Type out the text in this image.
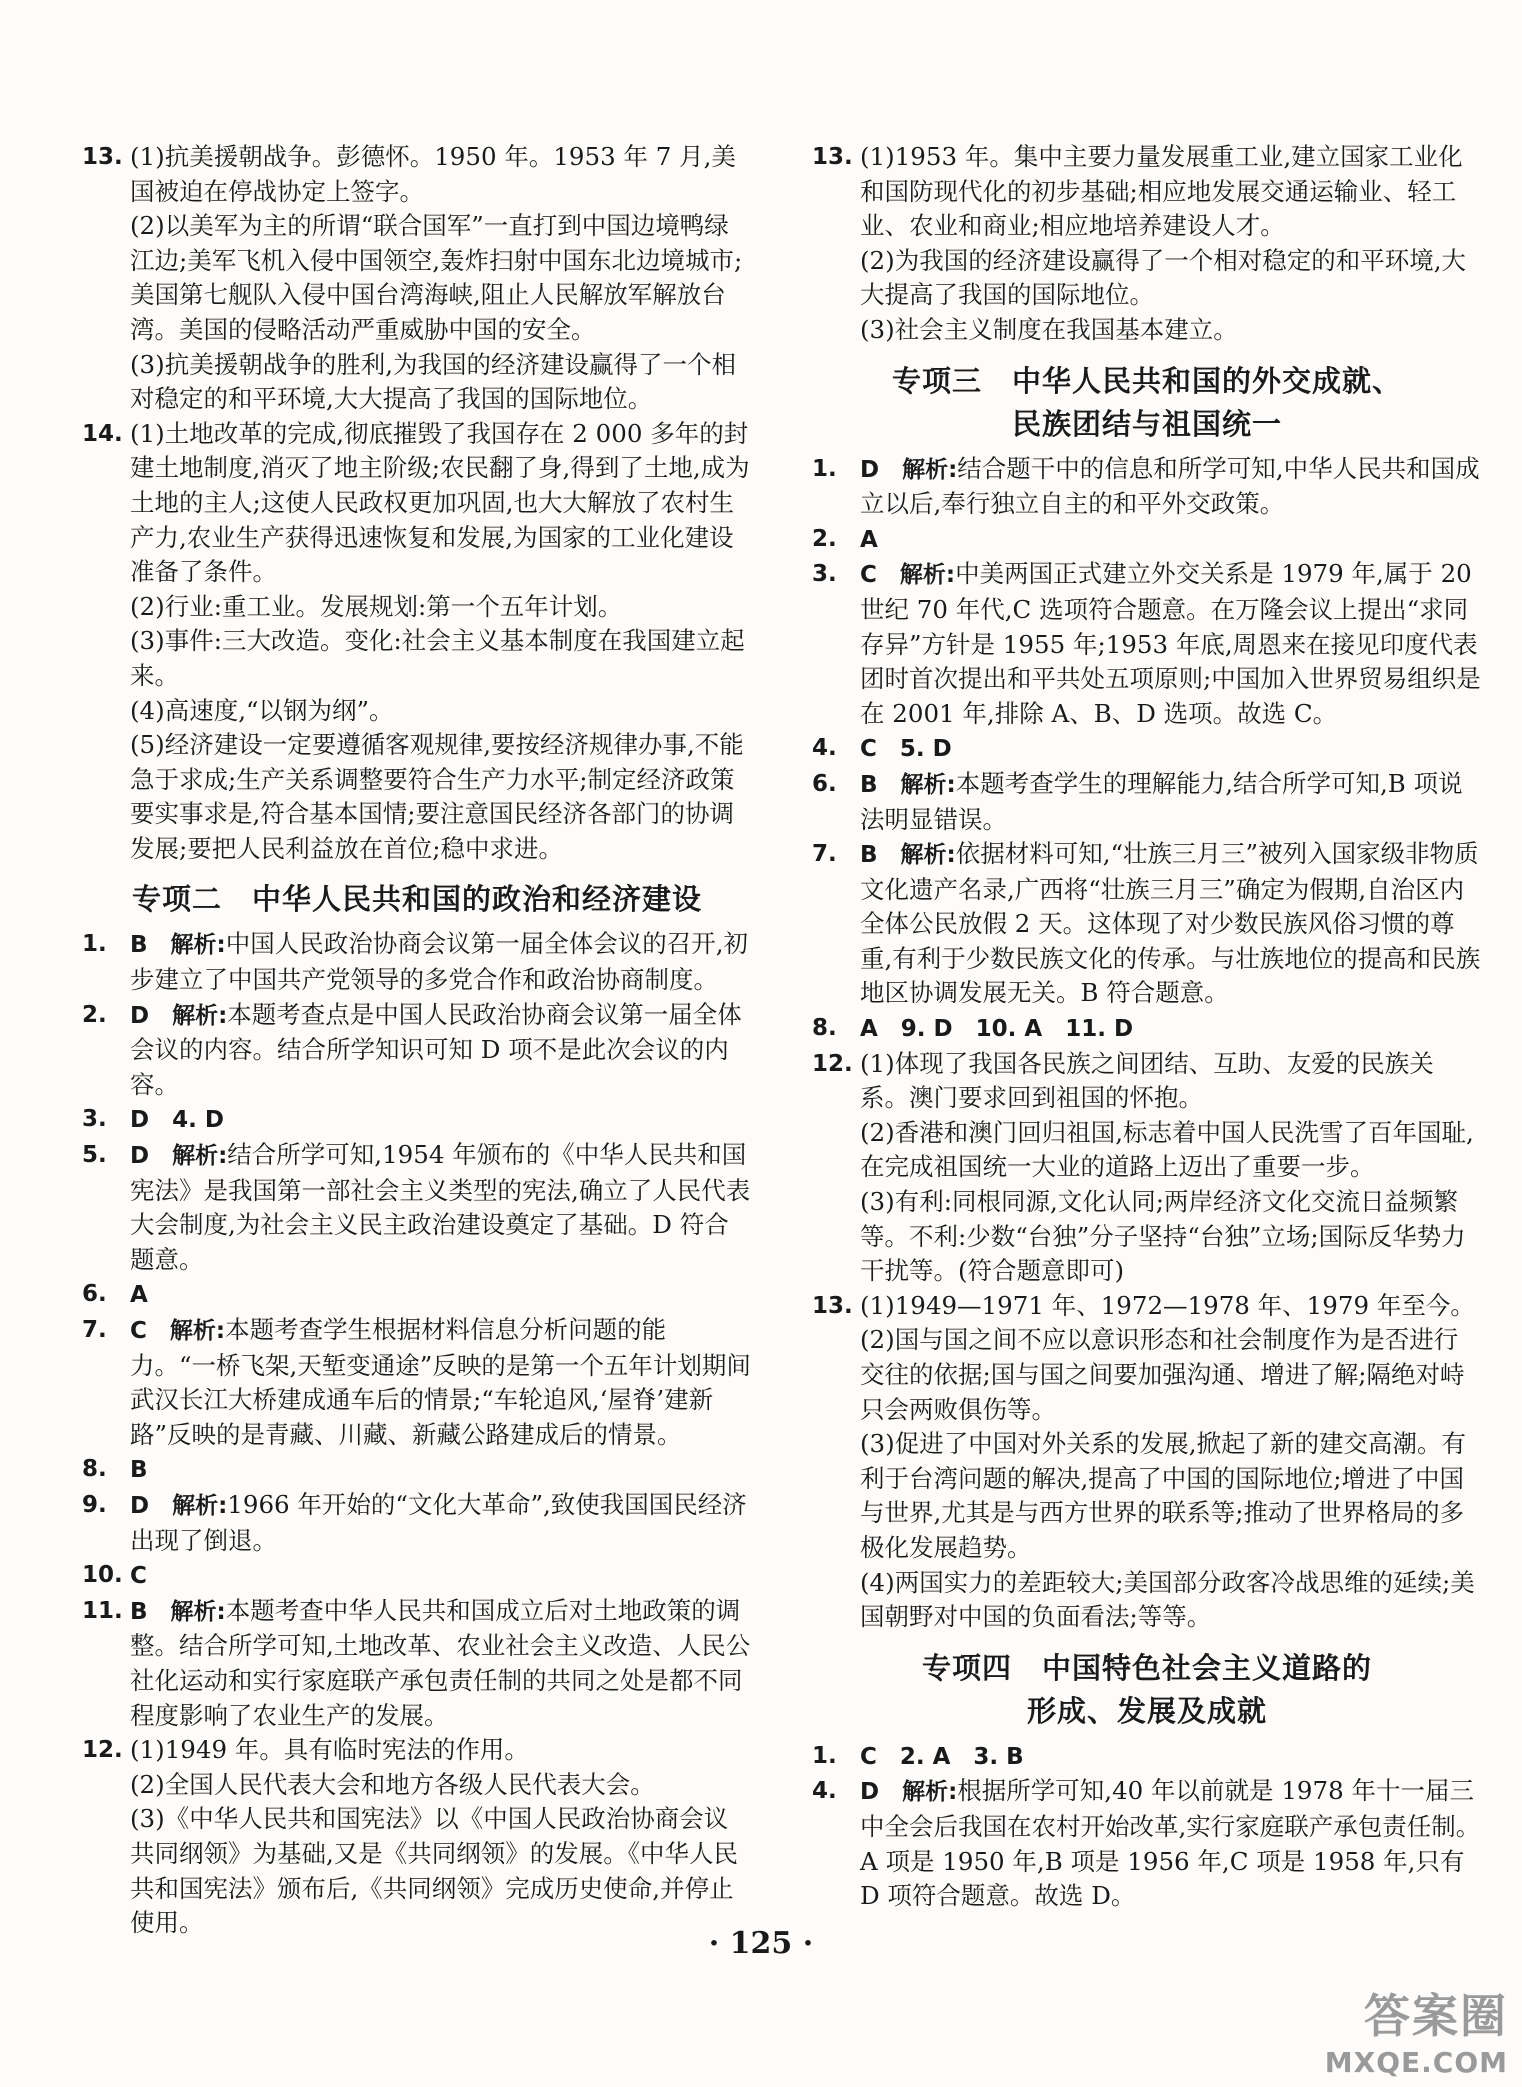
13. (1)抗美援朝战争。彭德怀。1950 年。1953 年 7 月,美国被迫在停战协定上签字。
(2)以美军为主的所谓“联合国军”一直打到中国边境鸭绿江边;美军飞机入侵中国领空,轰炸扫射中国东北边境城市;美国第七舰队入侵中国台湾海峡,阻止人民解放军解放台湾。美国的侵略活动严重威胁中国的安全。
(3)抗美援朝战争的胜利,为我国的经济建设赢得了一个相对稳定的和平环境,大大提高了我国的国际地位。
14. (1)土地改革的完成,彻底摧毁了我国存在 2 000 多年的封建土地制度,消灭了地主阶级;农民翻了身,得到了土地,成为土地的主人;这使人民政权更加巩固,也大大解放了农村生产力,农业生产获得迅速恢复和发展,为国家的工业化建设准备了条件。
(2)行业:重工业。发展规划:第一个五年计划。
(3)事件:三大改造。变化:社会主义基本制度在我国建立起来。
(4)高速度,“以钢为纲”。
(5)经济建设一定要遵循客观规律,要按经济规律办事,不能急于求成;生产关系调整要符合生产力水平;制定经济政策要实事求是,符合基本国情;要注意国民经济各部门的协调发展;要把人民利益放在首位;稳中求进。
专项二　中华人民共和国的政治和经济建设
1. B　解析:中国人民政治协商会议第一届全体会议的召开,初步建立了中国共产党领导的多党合作和政治协商制度。
2. D　解析:本题考查点是中国人民政治协商会议第一届全体会议的内容。结合所学知识可知 D 项不是此次会议的内容。
3. D　4. D
5. D　解析:结合所学可知,1954 年颁布的《中华人民共和国宪法》是我国第一部社会主义类型的宪法,确立了人民代表大会制度,为社会主义民主政治建设奠定了基础。D 符合题意。
6. A
7. C　解析:本题考查学生根据材料信息分析问题的能力。“一桥飞架,天堑变通途”反映的是第一个五年计划期间武汉长江大桥建成通车后的情景;“车轮追风,‘屋脊’建新路”反映的是青藏、川藏、新藏公路建成后的情景。
8. B
9. D　解析:1966 年开始的“文化大革命”,致使我国国民经济出现了倒退。
10. C
11. B　解析:本题考查中华人民共和国成立后对土地政策的调整。结合所学可知,土地改革、农业社会主义改造、人民公社化运动和实行家庭联产承包责任制的共同之处是都不同程度影响了农业生产的发展。
12. (1)1949 年。具有临时宪法的作用。
(2)全国人民代表大会和地方各级人民代表大会。
(3)《中华人民共和国宪法》以《中国人民政治协商会议共同纲领》为基础,又是《共同纲领》的发展。《中华人民共和国宪法》颁布后,《共同纲领》完成历史使命,并停止使用。
13. (1)1953 年。集中主要力量发展重工业,建立国家工业化和国防现代化的初步基础;相应地发展交通运输业、轻工业、农业和商业;相应地培养建设人才。
(2)为我国的经济建设赢得了一个相对稳定的和平环境,大大提高了我国的国际地位。
(3)社会主义制度在我国基本建立。
专项三　中华人民共和国的外交成就、
民族团结与祖国统一
1. D　解析:结合题干中的信息和所学可知,中华人民共和国成立以后,奉行独立自主的和平外交政策。
2. A
3. C　解析:中美两国正式建立外交关系是 1979 年,属于 20 世纪 70 年代,C 选项符合题意。在万隆会议上提出“求同存异”方针是 1955 年;1953 年底,周恩来在接见印度代表团时首次提出和平共处五项原则;中国加入世界贸易组织是在 2001 年,排除 A、B、D 选项。故选 C。
4. C　5. D
6. B　解析:本题考查学生的理解能力,结合所学可知,B 项说法明显错误。
7. B　解析:依据材料可知,“壮族三月三”被列入国家级非物质文化遗产名录,广西将“壮族三月三”确定为假期,自治区内全体公民放假 2 天。这体现了对少数民族风俗习惯的尊重,有利于少数民族文化的传承。与壮族地位的提高和民族地区协调发展无关。B 符合题意。
8. A　9. D　10. A　11. D
12. (1)体现了我国各民族之间团结、互助、友爱的民族关系。澳门要求回到祖国的怀抱。
(2)香港和澳门回归祖国,标志着中国人民洗雪了百年国耻,在完成祖国统一大业的道路上迈出了重要一步。
(3)有利:同根同源,文化认同;两岸经济文化交流日益频繁等。不利:少数“台独”分子坚持“台独”立场;国际反华势力干扰等。(符合题意即可)
13. (1)1949—1971 年、1972—1978 年、1979 年至今。
(2)国与国之间不应以意识形态和社会制度作为是否进行交往的依据;国与国之间要加强沟通、增进了解;隔绝对峙只会两败俱伤等。
(3)促进了中国对外关系的发展,掀起了新的建交高潮。有利于台湾问题的解决,提高了中国的国际地位;增进了中国与世界,尤其是与西方世界的联系等;推动了世界格局的多极化发展趋势。
(4)两国实力的差距较大;美国部分政客冷战思维的延续;美国朝野对中国的负面看法;等等。
专项四　中国特色社会主义道路的
形成、发展及成就
1. C　2. A　3. B
4. D　解析:根据所学可知,40 年以前就是 1978 年十一届三中全会后我国在农村开始改革,实行家庭联产承包责任制。A 项是 1950 年,B 项是 1956 年,C 项是 1958 年,只有 D 项符合题意。故选 D。
· 125 ·
答案圈
MXQE.COM
